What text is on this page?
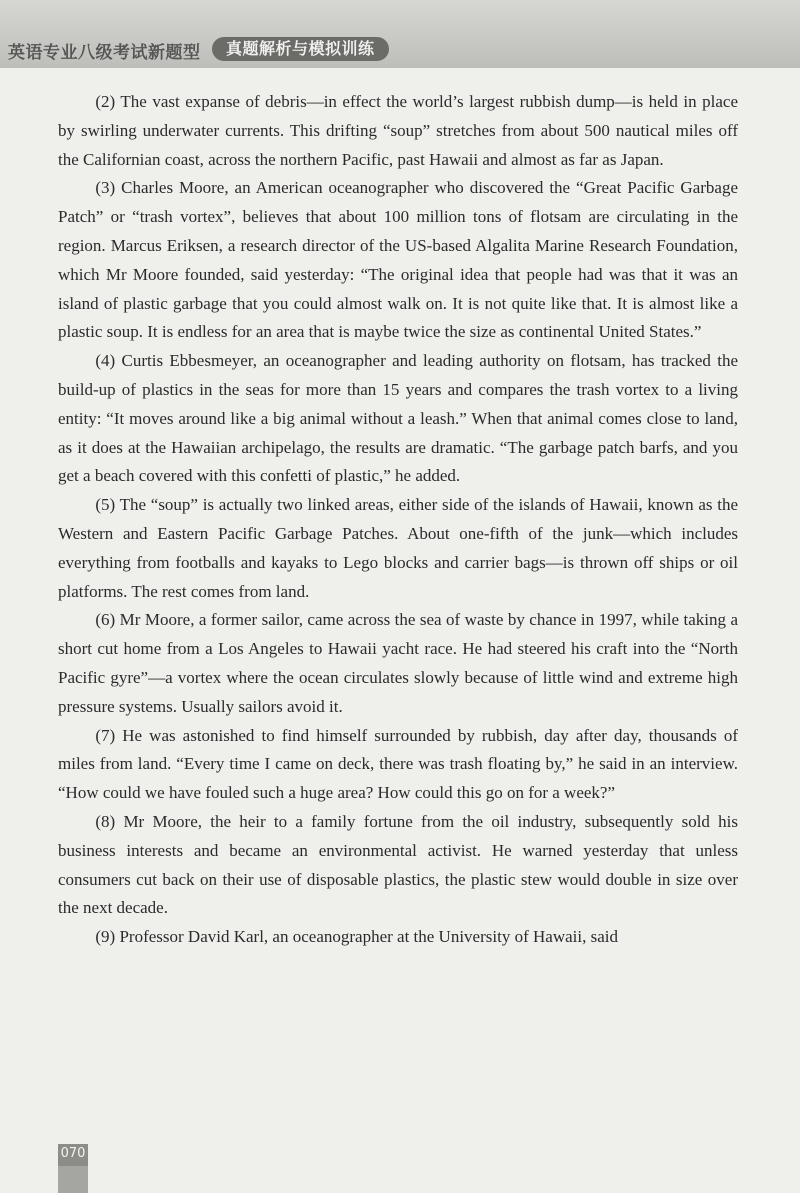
英语专业八级考试新题型	真题解析与模拟训练

(2) The vast expanse of debris—in effect the world’s largest rubbish dump—is held in place by swirling underwater currents. This drifting “soup” stretches from about 500 nautical miles off the Californian coast, across the northern Pacific, past Hawaii and almost as far as Japan.

(3) Charles Moore, an American oceanographer who discovered the “Great Pacific Garbage Patch” or “trash vortex”, believes that about 100 million tons of flotsam are circulating in the region. Marcus Eriksen, a research director of the US-based Algalita Marine Research Foundation, which Mr Moore founded, said yesterday: “The original idea that people had was that it was an island of plastic garbage that you could almost walk on. It is not quite like that. It is almost like a plastic soup. It is endless for an area that is maybe twice the size as continental United States.”

(4) Curtis Ebbesmeyer, an oceanographer and leading authority on flotsam, has tracked the build-up of plastics in the seas for more than 15 years and compares the trash vortex to a living entity: “It moves around like a big animal without a leash.” When that animal comes close to land, as it does at the Hawaiian archipelago, the results are dramatic. “The garbage patch barfs, and you get a beach covered with this confetti of plastic,” he added.

(5) The “soup” is actually two linked areas, either side of the islands of Hawaii, known as the Western and Eastern Pacific Garbage Patches. About one-fifth of the junk—which includes everything from footballs and kayaks to Lego blocks and carrier bags—is thrown off ships or oil platforms. The rest comes from land.

(6) Mr Moore, a former sailor, came across the sea of waste by chance in 1997, while taking a short cut home from a Los Angeles to Hawaii yacht race. He had steered his craft into the “North Pacific gyre”—a vortex where the ocean circulates slowly because of little wind and extreme high pressure systems. Usually sailors avoid it.

(7) He was astonished to find himself surrounded by rubbish, day after day, thousands of miles from land. “Every time I came on deck, there was trash floating by,” he said in an interview. “How could we have fouled such a huge area? How could this go on for a week?”

(8) Mr Moore, the heir to a family fortune from the oil industry, subsequently sold his business interests and became an environmental activist. He warned yesterday that unless consumers cut back on their use of disposable plastics, the plastic stew would double in size over the next decade.

(9) Professor David Karl, an oceanographer at the University of Hawaii, said

070
